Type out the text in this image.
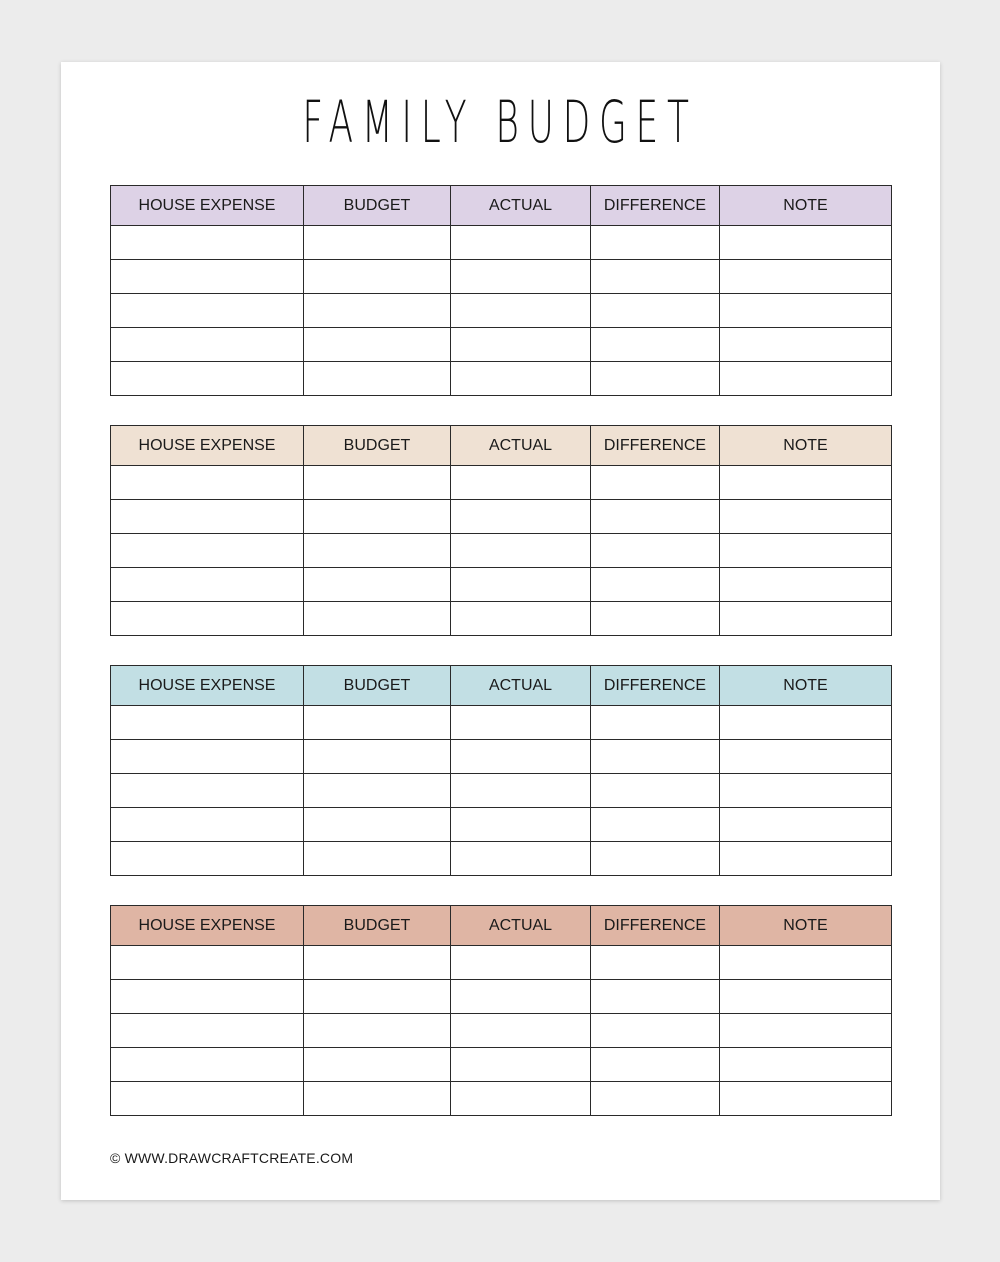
FAMILY BUDGET
HOUSE EXPENSE	BUDGET	ACTUAL	DIFFERENCE	NOTE

HOUSE EXPENSE	BUDGET	ACTUAL	DIFFERENCE	NOTE

HOUSE EXPENSE	BUDGET	ACTUAL	DIFFERENCE	NOTE

HOUSE EXPENSE	BUDGET	ACTUAL	DIFFERENCE	NOTE

© WWW.DRAWCRAFTCREATE.COM
